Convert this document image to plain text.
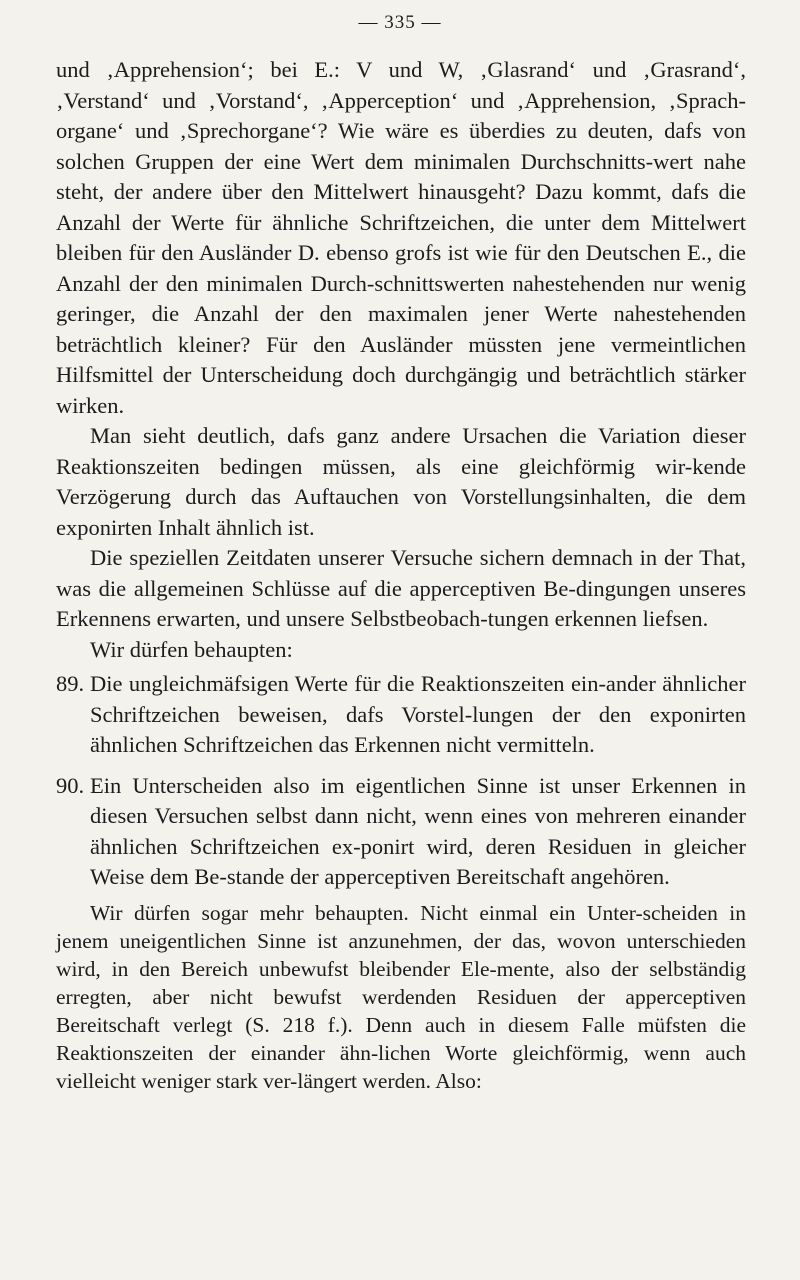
— 335 —

und ‚Apprehension‘; bei E.: V und W, ‚Glasrand‘ und ‚Grasrand‘, ‚Verstand‘ und ‚Vorstand‘, ‚Apperception‘ und ‚Apprehension, ‚Sprach-organe‘ und ‚Sprechorgane‘? Wie wäre es überdies zu deuten, dafs von solchen Gruppen der eine Wert dem minimalen Durchschnitts-wert nahe steht, der andere über den Mittelwert hinausgeht? Dazu kommt, dafs die Anzahl der Werte für ähnliche Schriftzeichen, die unter dem Mittelwert bleiben für den Ausländer D. ebenso grofs ist wie für den Deutschen E., die Anzahl der den minimalen Durch-schnittswerten nahestehenden nur wenig geringer, die Anzahl der den maximalen jener Werte nahestehenden beträchtlich kleiner? Für den Ausländer müssten jene vermeintlichen Hilfsmittel der Unterscheidung doch durchgängig und beträchtlich stärker wirken.

Man sieht deutlich, dafs ganz andere Ursachen die Variation dieser Reaktionszeiten bedingen müssen, als eine gleichförmig wir-kende Verzögerung durch das Auftauchen von Vorstellungsinhalten, die dem exponirten Inhalt ähnlich ist.

Die speziellen Zeitdaten unserer Versuche sichern demnach in der That, was die allgemeinen Schlüsse auf die apperceptiven Be-dingungen unseres Erkennens erwarten, und unsere Selbstbeobach-tungen erkennen liefsen.

Wir dürfen behaupten:

89. Die ungleichmäfsigen Werte für die Reaktionszeiten ein-ander ähnlicher Schriftzeichen beweisen, dafs Vorstel-lungen der den exponirten ähnlichen Schriftzeichen das Erkennen nicht vermitteln.
90. Ein Unterscheiden also im eigentlichen Sinne ist unser Erkennen in diesen Versuchen selbst dann nicht, wenn eines von mehreren einander ähnlichen Schriftzeichen ex-ponirt wird, deren Residuen in gleicher Weise dem Be-stande der apperceptiven Bereitschaft angehören.

Wir dürfen sogar mehr behaupten. Nicht einmal ein Unter-scheiden in jenem uneigentlichen Sinne ist anzunehmen, der das, wovon unterschieden wird, in den Bereich unbewufst bleibender Ele-mente, also der selbständig erregten, aber nicht bewufst werdenden Residuen der apperceptiven Bereitschaft verlegt (S. 218 f.). Denn auch in diesem Falle müfsten die Reaktionszeiten der einander ähn-lichen Worte gleichförmig, wenn auch vielleicht weniger stark ver-längert werden. Also:
